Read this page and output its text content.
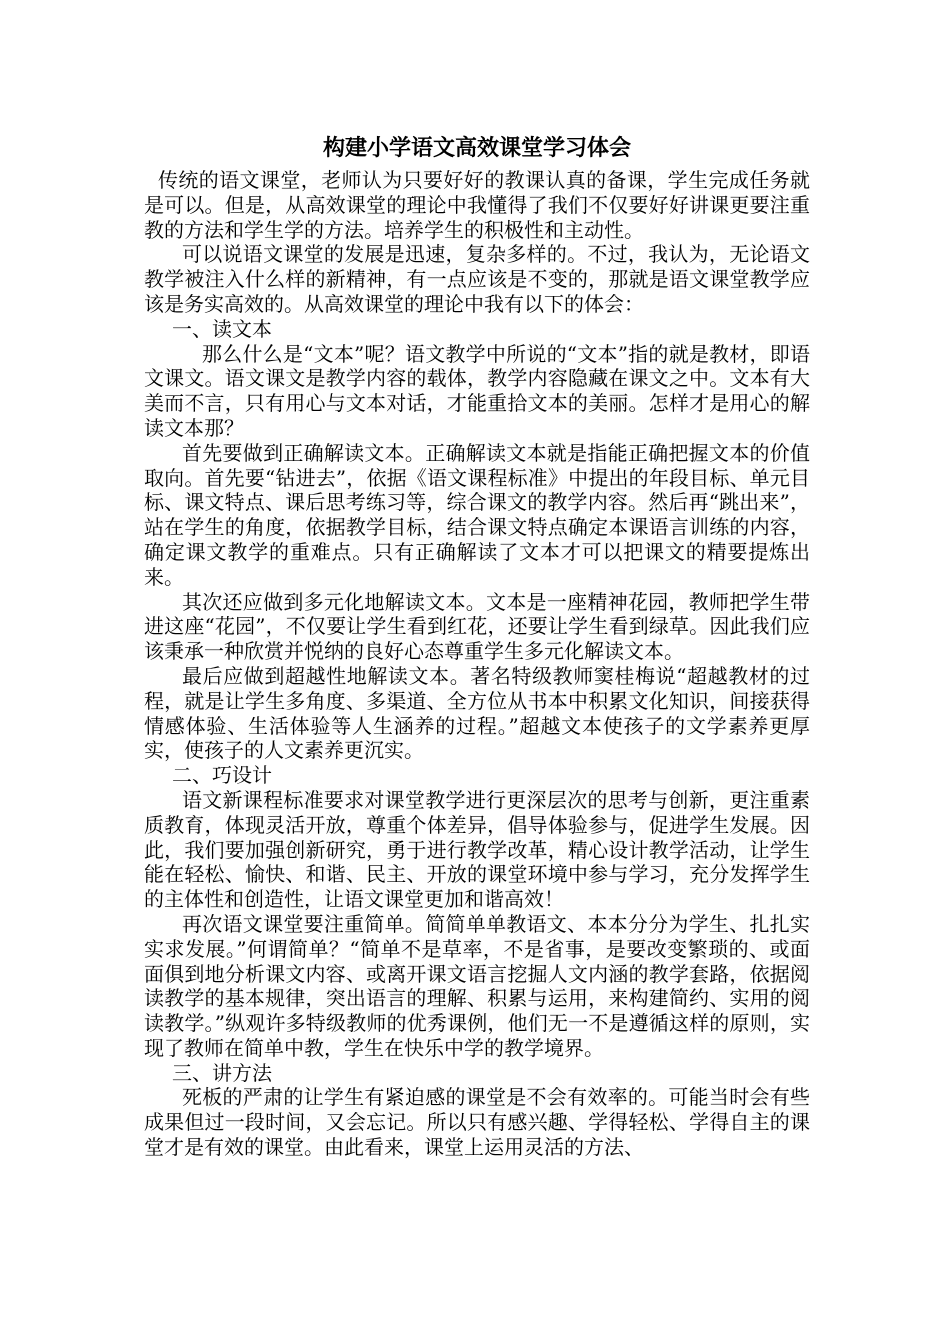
构建小学语文高效课堂学习体会

传统的语文课堂，老师认为只要好好的教课认真的备课，学生完成任务就是可以。但是，从高效课堂的理论中我懂得了我们不仅要好好讲课更要注重教的方法和学生学的方法。培养学生的积极性和主动性。

可以说语文课堂的发展是迅速，复杂多样的。不过，我认为，无论语文教学被注入什么样的新精神，有一点应该是不变的，那就是语文课堂教学应该是务实高效的。从高效课堂的理论中我有以下的体会：

一、读文本

那么什么是“文本”呢？语文教学中所说的“文本”指的就是教材，即语文课文。语文课文是教学内容的载体，教学内容隐藏在课文之中。文本有大美而不言，只有用心与文本对话，才能重拾文本的美丽。怎样才是用心的解读文本那？

首先要做到正确解读文本。正确解读文本就是指能正确把握文本的价值取向。首先要“钻进去”，依据《语文课程标准》中提出的年段目标、单元目标、课文特点、课后思考练习等，综合课文的教学内容。然后再“跳出来”，站在学生的角度，依据教学目标，结合课文特点确定本课语言训练的内容，确定课文教学的重难点。只有正确解读了文本才可以把课文的精要提炼出来。

其次还应做到多元化地解读文本。文本是一座精神花园，教师把学生带进这座“花园”，不仅要让学生看到红花，还要让学生看到绿草。因此我们应该秉承一种欣赏并悦纳的良好心态尊重学生多元化解读文本。

最后应做到超越性地解读文本。著名特级教师窦桂梅说“超越教材的过程，就是让学生多角度、多渠道、全方位从书本中积累文化知识，间接获得情感体验、生活体验等人生涵养的过程。”超越文本使孩子的文学素养更厚实，使孩子的人文素养更沉实。

二、巧设计

语文新课程标准要求对课堂教学进行更深层次的思考与创新，更注重素质教育，体现灵活开放，尊重个体差异，倡导体验参与，促进学生发展。因此，我们要加强创新研究，勇于进行教学改革，精心设计教学活动，让学生能在轻松、愉快、和谐、民主、开放的课堂环境中参与学习，充分发挥学生的主体性和创造性，让语文课堂更加和谐高效！

再次语文课堂要注重简单。简简单单教语文、本本分分为学生、扎扎实实求发展。”何谓简单？“简单不是草率，不是省事，是要改变繁琐的、或面面俱到地分析课文内容、或离开课文语言挖掘人文内涵的教学套路，依据阅读教学的基本规律，突出语言的理解、积累与运用，来构建简约、实用的阅读教学。”纵观许多特级教师的优秀课例，他们无一不是遵循这样的原则，实现了教师在简单中教，学生在快乐中学的教学境界。

三、讲方法

死板的严肃的让学生有紧迫感的课堂是不会有效率的。可能当时会有些成果但过一段时间，又会忘记。所以只有感兴趣、学得轻松、学得自主的课堂才是有效的课堂。由此看来，课堂上运用灵活的方法、
